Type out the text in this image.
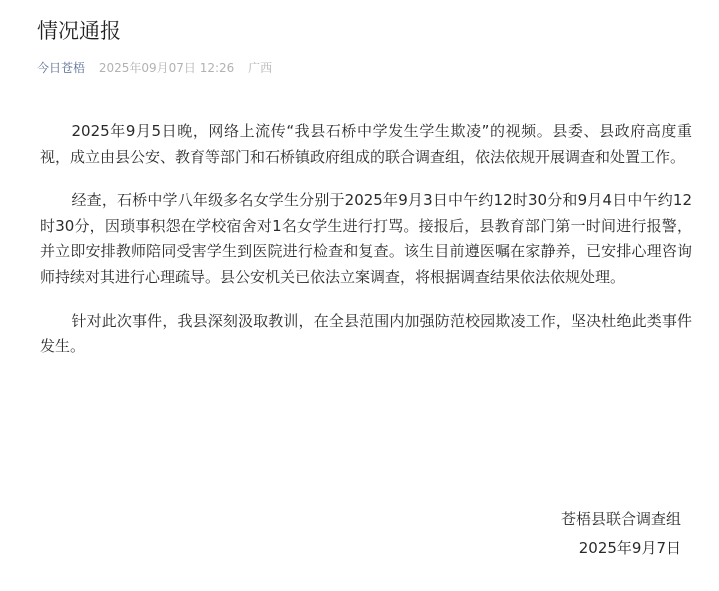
情况通报
今日苍梧 2025年09月07日 12:26 广西

2025年9月5日晚，网络上流传“我县石桥中学发生学生欺凌”的视频。县委、县政府高度重视，成立由县公安、教育等部门和石桥镇政府组成的联合调查组，依法依规开展调查和处置工作。

经查，石桥中学八年级多名女学生分别于2025年9月3日中午约12时30分和9月4日中午约12时30分，因琐事积怨在学校宿舍对1名女学生进行打骂。接报后，县教育部门第一时间进行报警，并立即安排教师陪同受害学生到医院进行检查和复查。该生目前遵医嘱在家静养，已安排心理咨询师持续对其进行心理疏导。县公安机关已依法立案调查，将根据调查结果依法依规处理。

针对此次事件，我县深刻汲取教训，在全县范围内加强防范校园欺凌工作，坚决杜绝此类事件发生。

苍梧县联合调查组
2025年9月7日
